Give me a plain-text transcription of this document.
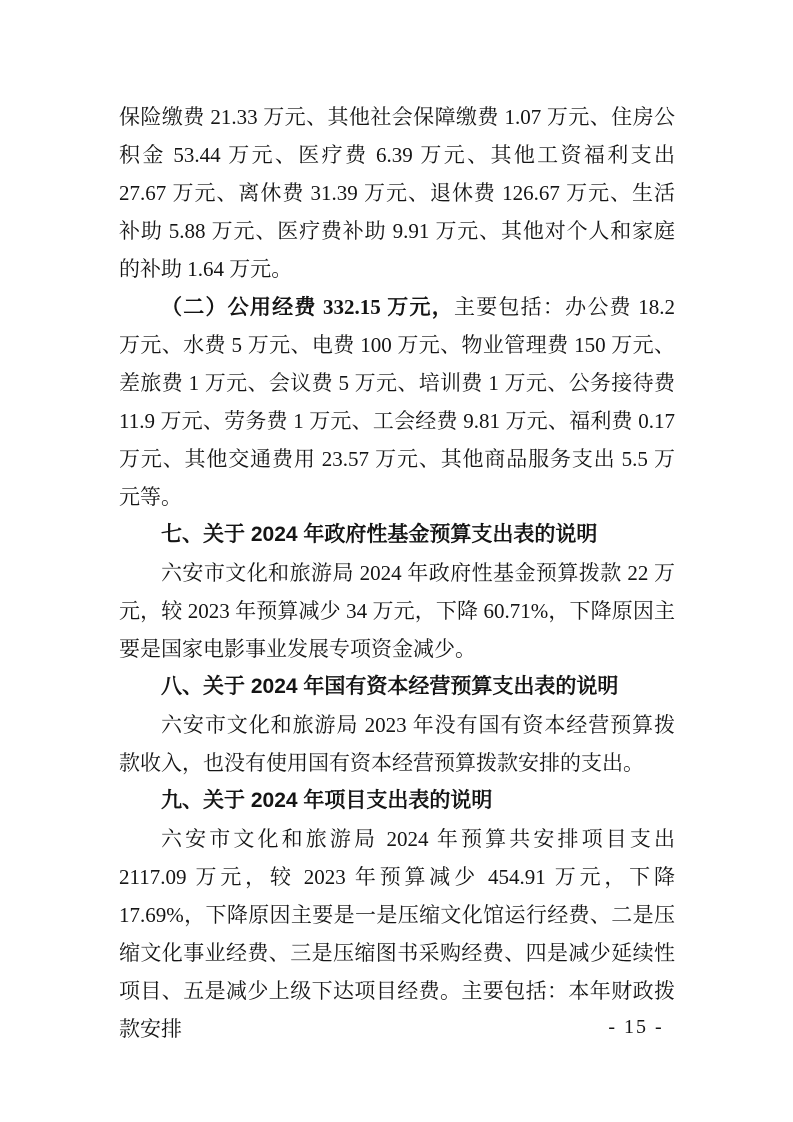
保险缴费 21.33 万元、其他社会保障缴费 1.07 万元、住房公积金 53.44 万元、医疗费 6.39 万元、其他工资福利支出 27.67 万元、离休费 31.39 万元、退休费 126.67 万元、生活补助 5.88 万元、医疗费补助 9.91 万元、其他对个人和家庭的补助 1.64 万元。

（二）公用经费 332.15 万元，主要包括：办公费 18.2 万元、水费 5 万元、电费 100 万元、物业管理费 150 万元、差旅费 1 万元、会议费 5 万元、培训费 1 万元、公务接待费 11.9 万元、劳务费 1 万元、工会经费 9.81 万元、福利费 0.17 万元、其他交通费用 23.57 万元、其他商品服务支出 5.5 万元等。

七、关于 2024 年政府性基金预算支出表的说明

六安市文化和旅游局 2024 年政府性基金预算拨款 22 万元，较 2023 年预算减少 34 万元，下降 60.71%，下降原因主要是国家电影事业发展专项资金减少。

八、关于 2024 年国有资本经营预算支出表的说明

六安市文化和旅游局 2023 年没有国有资本经营预算拨款收入，也没有使用国有资本经营预算拨款安排的支出。

九、关于 2024 年项目支出表的说明

六安市文化和旅游局 2024 年预算共安排项目支出 2117.09 万元，较 2023 年预算减少 454.91 万元，下降 17.69%，下降原因主要是一是压缩文化馆运行经费、二是压缩文化事业经费、三是压缩图书采购经费、四是减少延续性项目、五是减少上级下达项目经费。主要包括：本年财政拨款安排	- 15 -
